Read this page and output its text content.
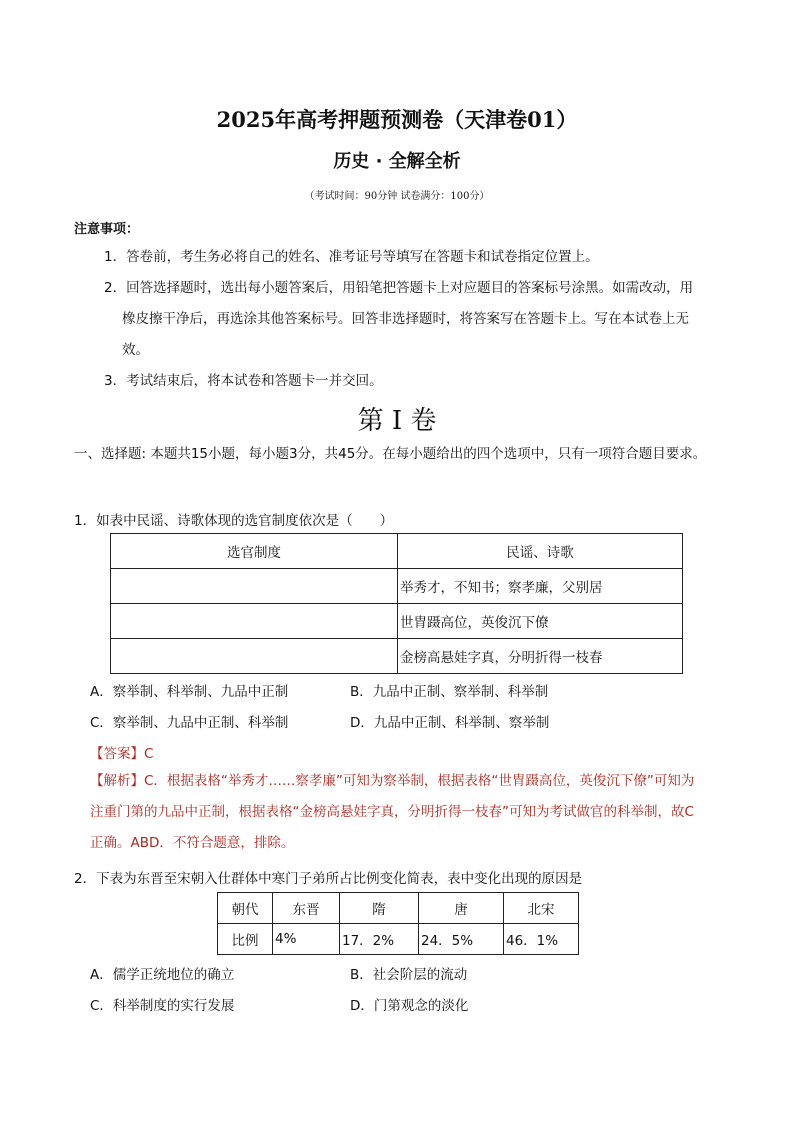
2025年高考押题预测卷（天津卷01）
历史 · 全解全析
（考试时间：90分钟 试卷满分：100分）
注意事项：
1．答卷前，考生务必将自己的姓名、准考证号等填写在答题卡和试卷指定位置上。
2．回答选择题时，选出每小题答案后，用铅笔把答题卡上对应题目的答案标号涂黑。如需改动，用
橡皮擦干净后，再选涂其他答案标号。回答非选择题时，将答案写在答题卡上。写在本试卷上无
效。
3．考试结束后，将本试卷和答题卡一并交回。
第 I 卷
一、选择题: 本题共15小题，每小题3分，共45分。在每小题给出的四个选项中，只有一项符合题目要求。
1．如表中民谣、诗歌体现的选官制度依次是（　　）
选官制度	民谣、诗歌
	举秀才，不知书；察孝廉，父别居
	世胄蹑高位，英俊沉下僚
	金榜高悬娃字真，分明折得一枝春
A．察举制、科举制、九品中正制	B．九品中正制、察举制、科举制
C．察举制、九品中正制、科举制	D．九品中正制、科举制、察举制
【答案】C
【解析】C．根据表格“举秀才……察孝廉”可知为察举制，根据表格“世胄蹑高位，英俊沉下僚”可知为
注重门第的九品中正制，根据表格“金榜高悬娃字真，分明折得一枝春”可知为考试做官的科举制，故C
正确。ABD．不符合题意，排除。
2．下表为东晋至宋朝入仕群体中寒门子弟所占比例变化简表，表中变化出现的原因是
朝代	东晋	隋	唐	北宋
比例	4%	17．2%	24．5%	46．1%
A．儒学正统地位的确立	B．社会阶层的流动
C．科举制度的实行发展	D．门第观念的淡化
